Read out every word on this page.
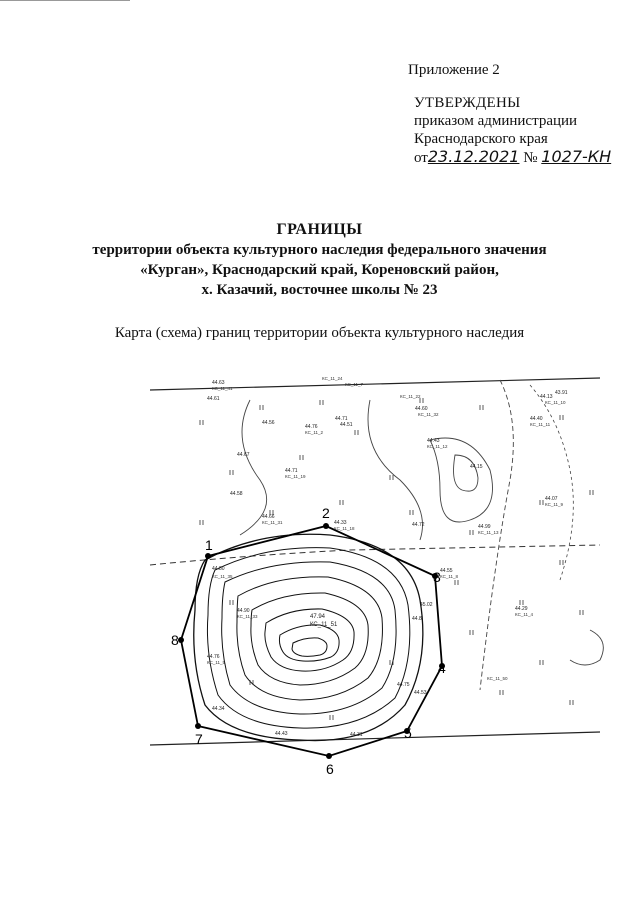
Приложение 2
УТВЕРЖДЕНЫ
приказом администрации
Краснодарского края
от23.12.2021 № 1027-КН
ГРАНИЦЫ
территории объекта культурного наследия федерального значения
«Курган», Краснодарский край, Кореновский район,
х. Казачий, восточнее школы № 23
Карта (схема) границ территории объекта культурного наследия
1
2
3
4
5
6
7
8
47.94
КС_11_51
44.63
44.61
44.56
44.76
44.71
44.51
44.60
44.43
44.67
44.71
44.58
44.66
44.33	44.72	44.99
44.80
44.90
44.76
44.34
44.43	44.31
44.75
44.53
45.02
44.13
43.91
44.40
44.07
44.15
44.55
44.29
44.8
КС_11_24
КС_11_7
КС_11_41
КС_11_22
КС_11_32
КС_11_10
КС_11_2
КС_11_11
КС_11_12
КС_11_19
КС_11_9
КС_11_31
КС_11_18
КС_11_35
КС_11_13
КС_11_33
КС_11_8
КС_11_5
КС_11_4
КС_11_50
